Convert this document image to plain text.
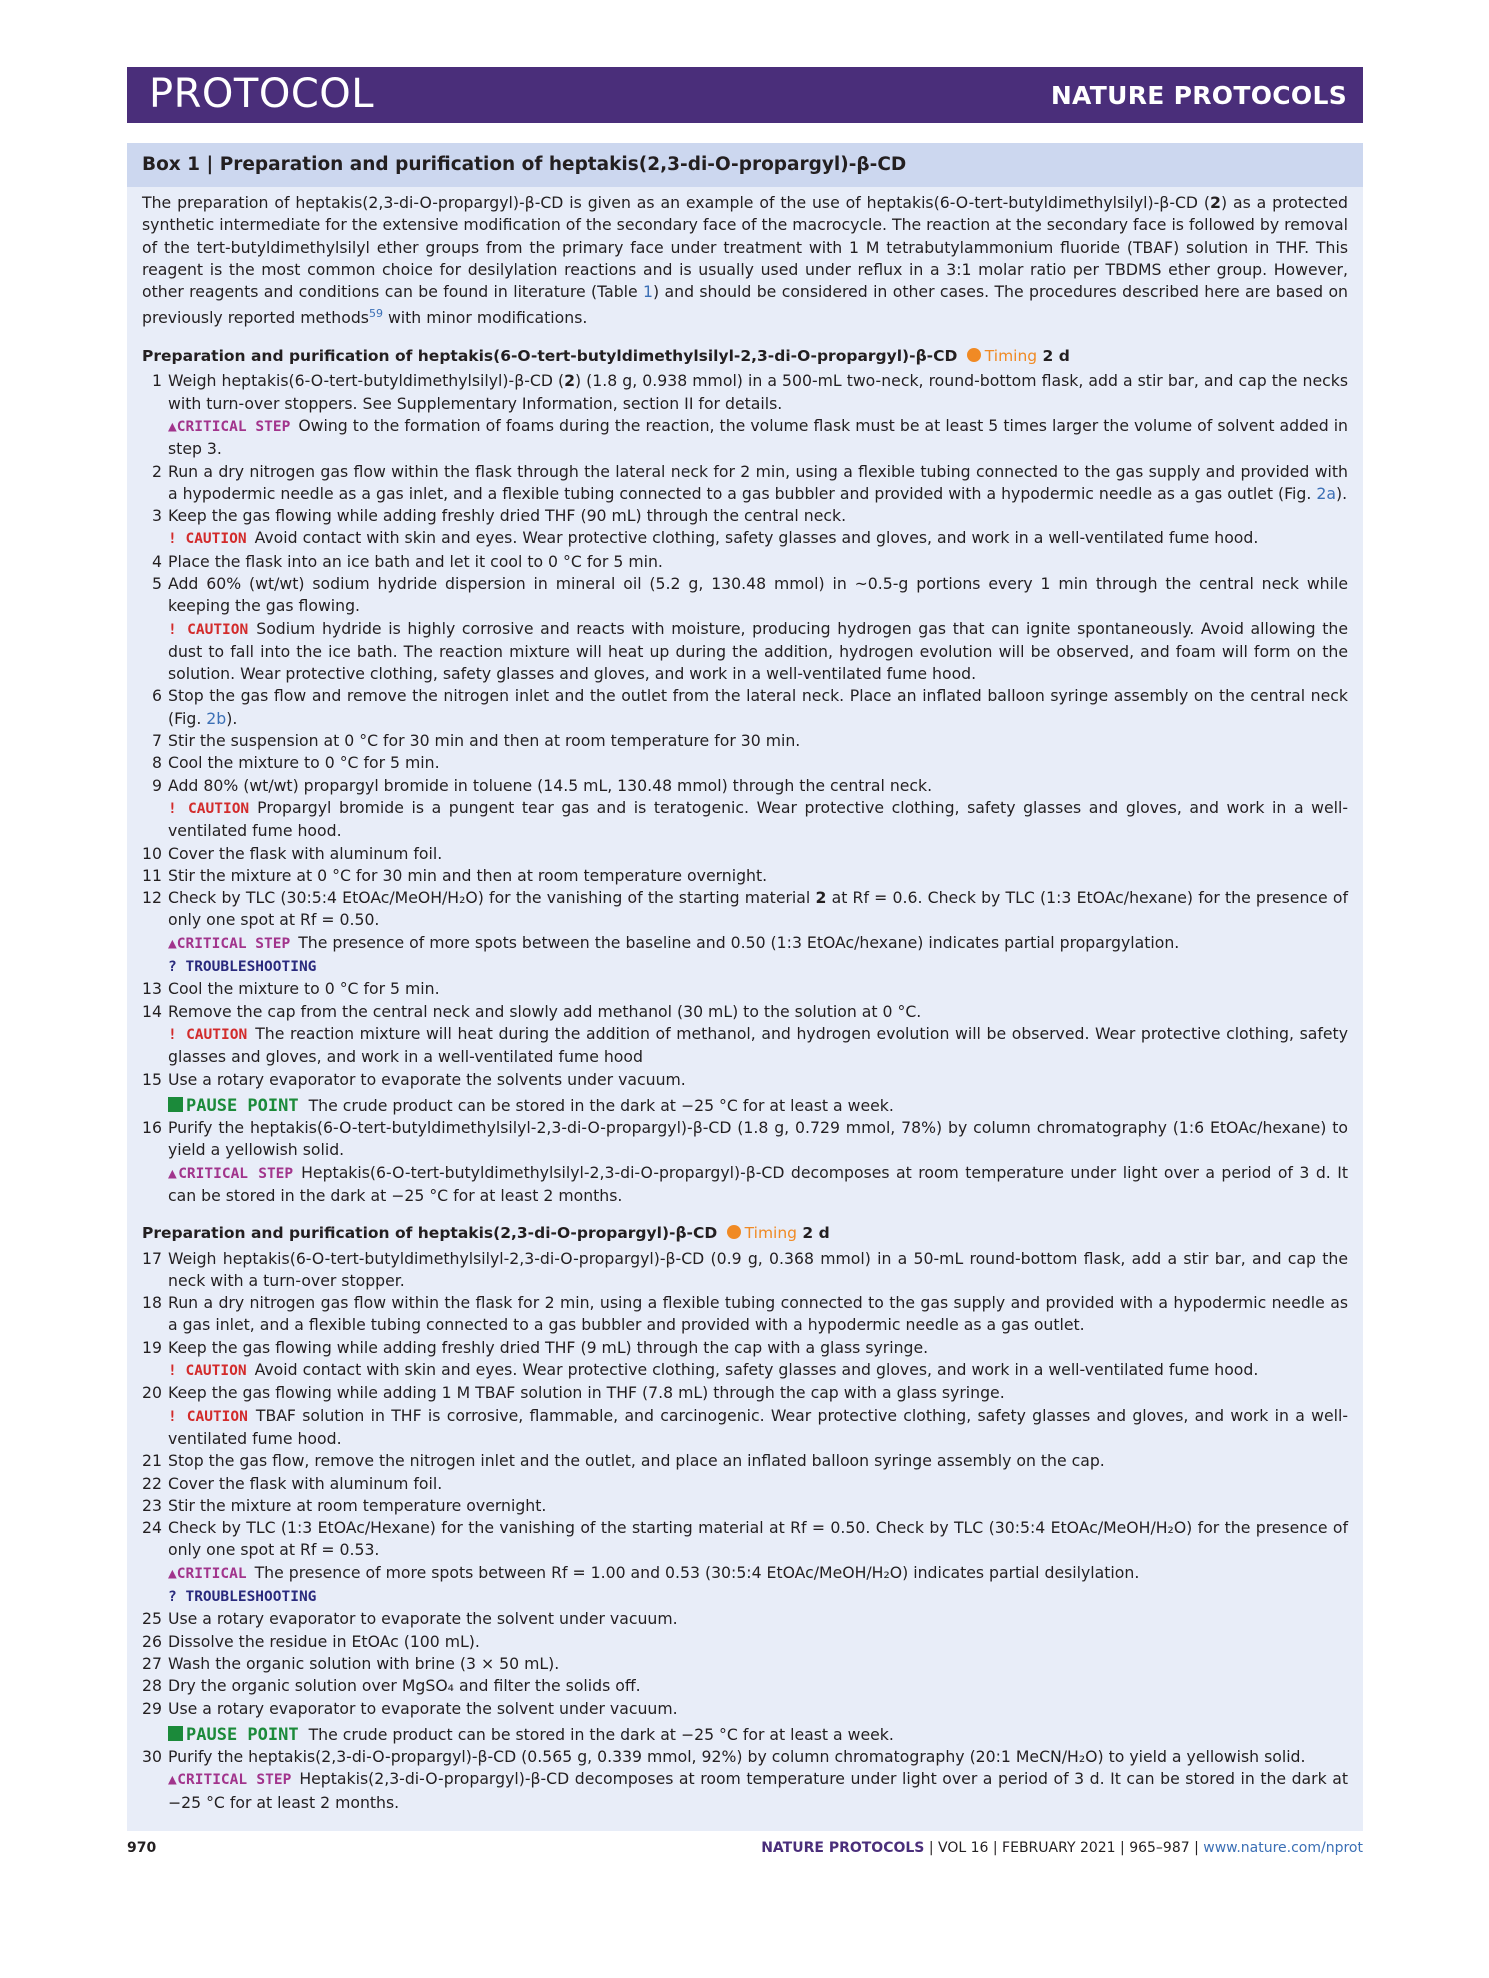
PROTOCOL	NATURE PROTOCOLS
Box 1 | Preparation and purification of heptakis(2,3-di-O-propargyl)-β-CD

The preparation of heptakis(2,3-di-O-propargyl)-β-CD is given as an example of the use of heptakis(6-O-tert-butyldimethylsilyl)-β-CD (2) as a protected synthetic intermediate for the extensive modification of the secondary face of the macrocycle. The reaction at the secondary face is followed by removal of the tert-butyldimethylsilyl ether groups from the primary face under treatment with 1 M tetrabutylammonium fluoride (TBAF) solution in THF. This reagent is the most common choice for desilylation reactions and is usually used under reflux in a 3:1 molar ratio per TBDMS ether group. However, other reagents and conditions can be found in literature (Table 1) and should be considered in other cases. The procedures described here are based on previously reported methods$^{59}$ with minor modifications.

Preparation and purification of heptakis(6-O-tert-butyldimethylsilyl-2,3-di-O-propargyl)-β-CD Timing 2 d
1 Weigh heptakis(6-O-tert-butyldimethylsilyl)-β-CD (2) (1.8 g, 0.938 mmol) in a 500-mL two-neck, round-bottom flask, add a stir bar, and cap the necks with turn-over stoppers. See Supplementary Information, section II for details.
▲CRITICAL STEP Owing to the formation of foams during the reaction, the volume flask must be at least 5 times larger the volume of solvent added in step 3.
2 Run a dry nitrogen gas flow within the flask through the lateral neck for 2 min, using a flexible tubing connected to the gas supply and provided with a hypodermic needle as a gas inlet, and a flexible tubing connected to a gas bubbler and provided with a hypodermic needle as a gas outlet (Fig. 2a).
3 Keep the gas flowing while adding freshly dried THF (90 mL) through the central neck.
! CAUTION Avoid contact with skin and eyes. Wear protective clothing, safety glasses and gloves, and work in a well-ventilated fume hood.
4 Place the flask into an ice bath and let it cool to 0 °C for 5 min.
5 Add 60% (wt/wt) sodium hydride dispersion in mineral oil (5.2 g, 130.48 mmol) in ~0.5-g portions every 1 min through the central neck while keeping the gas flowing.
! CAUTION Sodium hydride is highly corrosive and reacts with moisture, producing hydrogen gas that can ignite spontaneously. Avoid allowing the dust to fall into the ice bath. The reaction mixture will heat up during the addition, hydrogen evolution will be observed, and foam will form on the solution. Wear protective clothing, safety glasses and gloves, and work in a well-ventilated fume hood.
6 Stop the gas flow and remove the nitrogen inlet and the outlet from the lateral neck. Place an inflated balloon syringe assembly on the central neck (Fig. 2b).
7 Stir the suspension at 0 °C for 30 min and then at room temperature for 30 min.
8 Cool the mixture to 0 °C for 5 min.
9 Add 80% (wt/wt) propargyl bromide in toluene (14.5 mL, 130.48 mmol) through the central neck.
! CAUTION Propargyl bromide is a pungent tear gas and is teratogenic. Wear protective clothing, safety glasses and gloves, and work in a well-ventilated fume hood.
10 Cover the flask with aluminum foil.
11 Stir the mixture at 0 °C for 30 min and then at room temperature overnight.
12 Check by TLC (30:5:4 EtOAc/MeOH/H₂O) for the vanishing of the starting material 2 at Rf = 0.6. Check by TLC (1:3 EtOAc/hexane) for the presence of only one spot at Rf = 0.50.
▲CRITICAL STEP The presence of more spots between the baseline and 0.50 (1:3 EtOAc/hexane) indicates partial propargylation.
? TROUBLESHOOTING
13 Cool the mixture to 0 °C for 5 min.
14 Remove the cap from the central neck and slowly add methanol (30 mL) to the solution at 0 °C.
! CAUTION The reaction mixture will heat during the addition of methanol, and hydrogen evolution will be observed. Wear protective clothing, safety glasses and gloves, and work in a well-ventilated fume hood
15 Use a rotary evaporator to evaporate the solvents under vacuum.
PAUSE POINT The crude product can be stored in the dark at −25 °C for at least a week.
16 Purify the heptakis(6-O-tert-butyldimethylsilyl-2,3-di-O-propargyl)-β-CD (1.8 g, 0.729 mmol, 78%) by column chromatography (1:6 EtOAc/hexane) to yield a yellowish solid.
▲CRITICAL STEP Heptakis(6-O-tert-butyldimethylsilyl-2,3-di-O-propargyl)-β-CD decomposes at room temperature under light over a period of 3 d. It can be stored in the dark at −25 °C for at least 2 months.
Preparation and purification of heptakis(2,3-di-O-propargyl)-β-CD Timing 2 d
17 Weigh heptakis(6-O-tert-butyldimethylsilyl-2,3-di-O-propargyl)-β-CD (0.9 g, 0.368 mmol) in a 50-mL round-bottom flask, add a stir bar, and cap the neck with a turn-over stopper.
18 Run a dry nitrogen gas flow within the flask for 2 min, using a flexible tubing connected to the gas supply and provided with a hypodermic needle as a gas inlet, and a flexible tubing connected to a gas bubbler and provided with a hypodermic needle as a gas outlet.
19 Keep the gas flowing while adding freshly dried THF (9 mL) through the cap with a glass syringe.
! CAUTION Avoid contact with skin and eyes. Wear protective clothing, safety glasses and gloves, and work in a well-ventilated fume hood.
20 Keep the gas flowing while adding 1 M TBAF solution in THF (7.8 mL) through the cap with a glass syringe.
! CAUTION TBAF solution in THF is corrosive, flammable, and carcinogenic. Wear protective clothing, safety glasses and gloves, and work in a well-ventilated fume hood.
21 Stop the gas flow, remove the nitrogen inlet and the outlet, and place an inflated balloon syringe assembly on the cap.
22 Cover the flask with aluminum foil.
23 Stir the mixture at room temperature overnight.
24 Check by TLC (1:3 EtOAc/Hexane) for the vanishing of the starting material at Rf = 0.50. Check by TLC (30:5:4 EtOAc/MeOH/H₂O) for the presence of only one spot at Rf = 0.53.
▲CRITICAL The presence of more spots between Rf = 1.00 and 0.53 (30:5:4 EtOAc/MeOH/H₂O) indicates partial desilylation.
? TROUBLESHOOTING
25 Use a rotary evaporator to evaporate the solvent under vacuum.
26 Dissolve the residue in EtOAc (100 mL).
27 Wash the organic solution with brine (3 × 50 mL).
28 Dry the organic solution over MgSO₄ and filter the solids off.
29 Use a rotary evaporator to evaporate the solvent under vacuum.
PAUSE POINT The crude product can be stored in the dark at −25 °C for at least a week.
30 Purify the heptakis(2,3-di-O-propargyl)-β-CD (0.565 g, 0.339 mmol, 92%) by column chromatography (20:1 MeCN/H₂O) to yield a yellowish solid.
▲CRITICAL STEP Heptakis(2,3-di-O-propargyl)-β-CD decomposes at room temperature under light over a period of 3 d. It can be stored in the dark at −25 °C for at least 2 months.
970	NATURE PROTOCOLS | VOL 16 | FEBRUARY 2021 | 965–987 | www.nature.com/nprot
